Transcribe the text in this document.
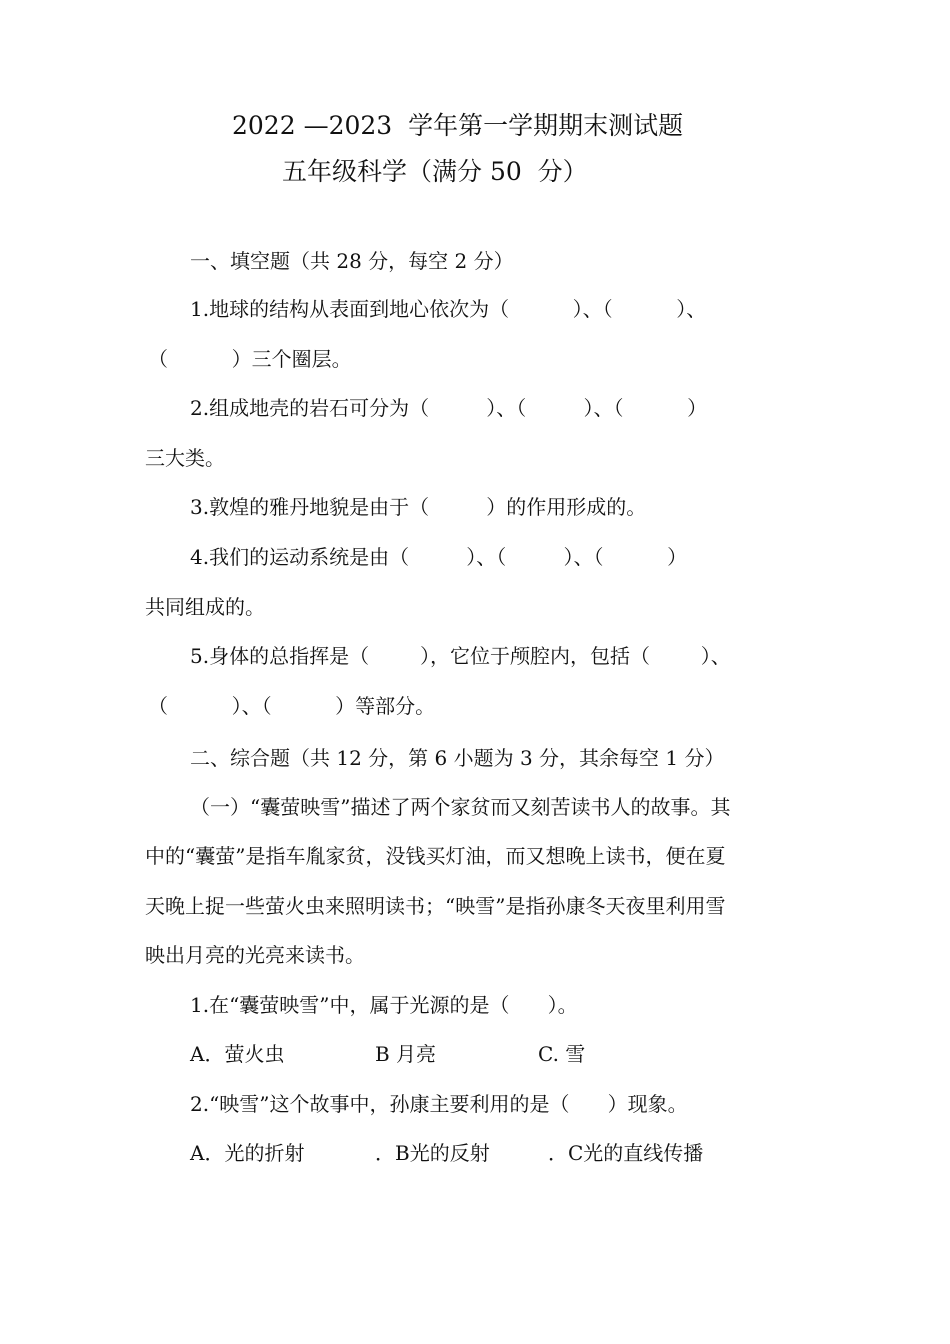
2022 —2023  学年第一学期期末测试题
五年级科学（满分 50  分）
一、填空题（共 28 分，每空 2 分）
1.地球的结构从表面到地心依次为（          ）、（          ）、
（          ）三个圈层。
2.组成地壳的岩石可分为（         ）、（         ）、（          ）
三大类。
3.敦煌的雅丹地貌是由于（         ）的作用形成的。
4.我们的运动系统是由（         ）、（         ）、（          ）
共同组成的。
5.身体的总指挥是（        ），它位于颅腔内，包括（        ）、
（          ）、（          ）等部分。
二、综合题（共 12 分，第 6 小题为 3 分，其余每空 1 分）
（一）“囊萤映雪”描述了两个家贫而又刻苦读书人的故事。其
中的“囊萤”是指车胤家贫，没钱买灯油，而又想晚上读书，便在夏
天晚上捉一些萤火虫来照明读书；“映雪”是指孙康冬天夜里利用雪
映出月亮的光亮来读书。
1.在“囊萤映雪”中，属于光源的是（      ）。
A．萤火虫	B 月亮	C. 雪
2.“映雪”这个故事中，孙康主要利用的是（      ）现象。
A．光的折射	．B光的反射	．C光的直线传播
